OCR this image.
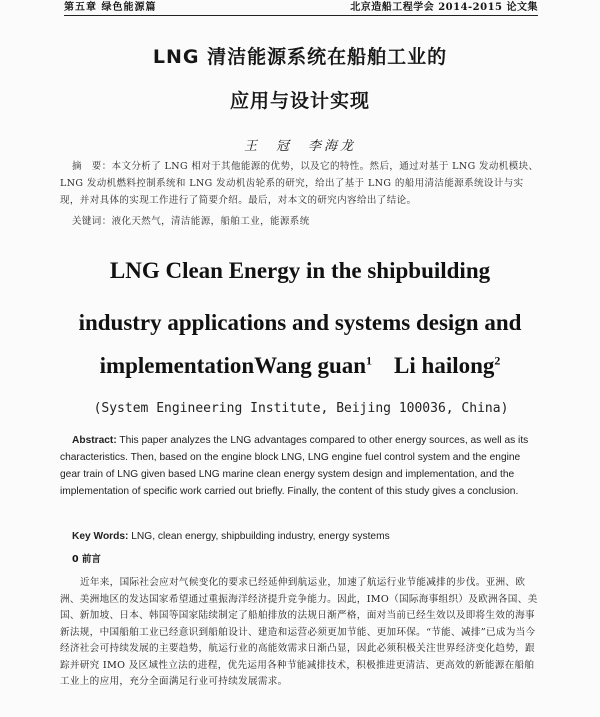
第五章 绿色能源篇	北京造船工程学会 2014-2015 论文集
LNG 清洁能源系统在船舶工业的
应用与设计实现
王　冠　李海龙

摘　要：本文分析了 LNG 相对于其他能源的优势，以及它的特性。然后，通过对基于 LNG 发动机模块、LNG 发动机燃料控制系统和 LNG 发动机齿轮系的研究，给出了基于 LNG 的船用清洁能源系统设计与实现，并对具体的实现工作进行了简要介绍。最后，对本文的研究内容给出了结论。

关键词：液化天然气，清洁能源，船舶工业，能源系统

LNG Clean Energy in the shipbuilding
industry applications and systems design and
implementationWang guan$^1$ Li hailong$^2$
(System Engineering Institute, Beijing 100036, China)

Abstract: This paper analyzes the LNG advantages compared to other energy sources, as well as its characteristics. Then, based on the engine block LNG, LNG engine fuel control system and the engine gear train of LNG given based LNG marine clean energy system design and implementation, and the implementation of specific work carried out briefly. Finally, the content of this study gives a conclusion.

Key Words: LNG, clean energy, shipbuilding industry, energy systems

0 前言

近年来，国际社会应对气候变化的要求已经延伸到航运业，加速了航运行业节能减排的步伐。亚洲、欧洲、美洲地区的发达国家希望通过重振海洋经济提升竞争能力。因此，IMO（国际海事组织）及欧洲各国、美国、新加坡、日本、韩国等国家陆续制定了船舶排放的法规日渐严格，面对当前已经生效以及即将生效的海事新法规，中国船舶工业已经意识到船舶设计、建造和运营必须更加节能、更加环保。“节能、减排”已成为当今经济社会可持续发展的主要趋势，航运行业的高能效需求日渐凸显，因此必须积极关注世界经济变化趋势，跟踪并研究 IMO 及区域性立法的进程，优先运用各种节能减排技术，积极推进更清洁、更高效的新能源在船舶工业上的应用，充分全面满足行业可持续发展需求。
